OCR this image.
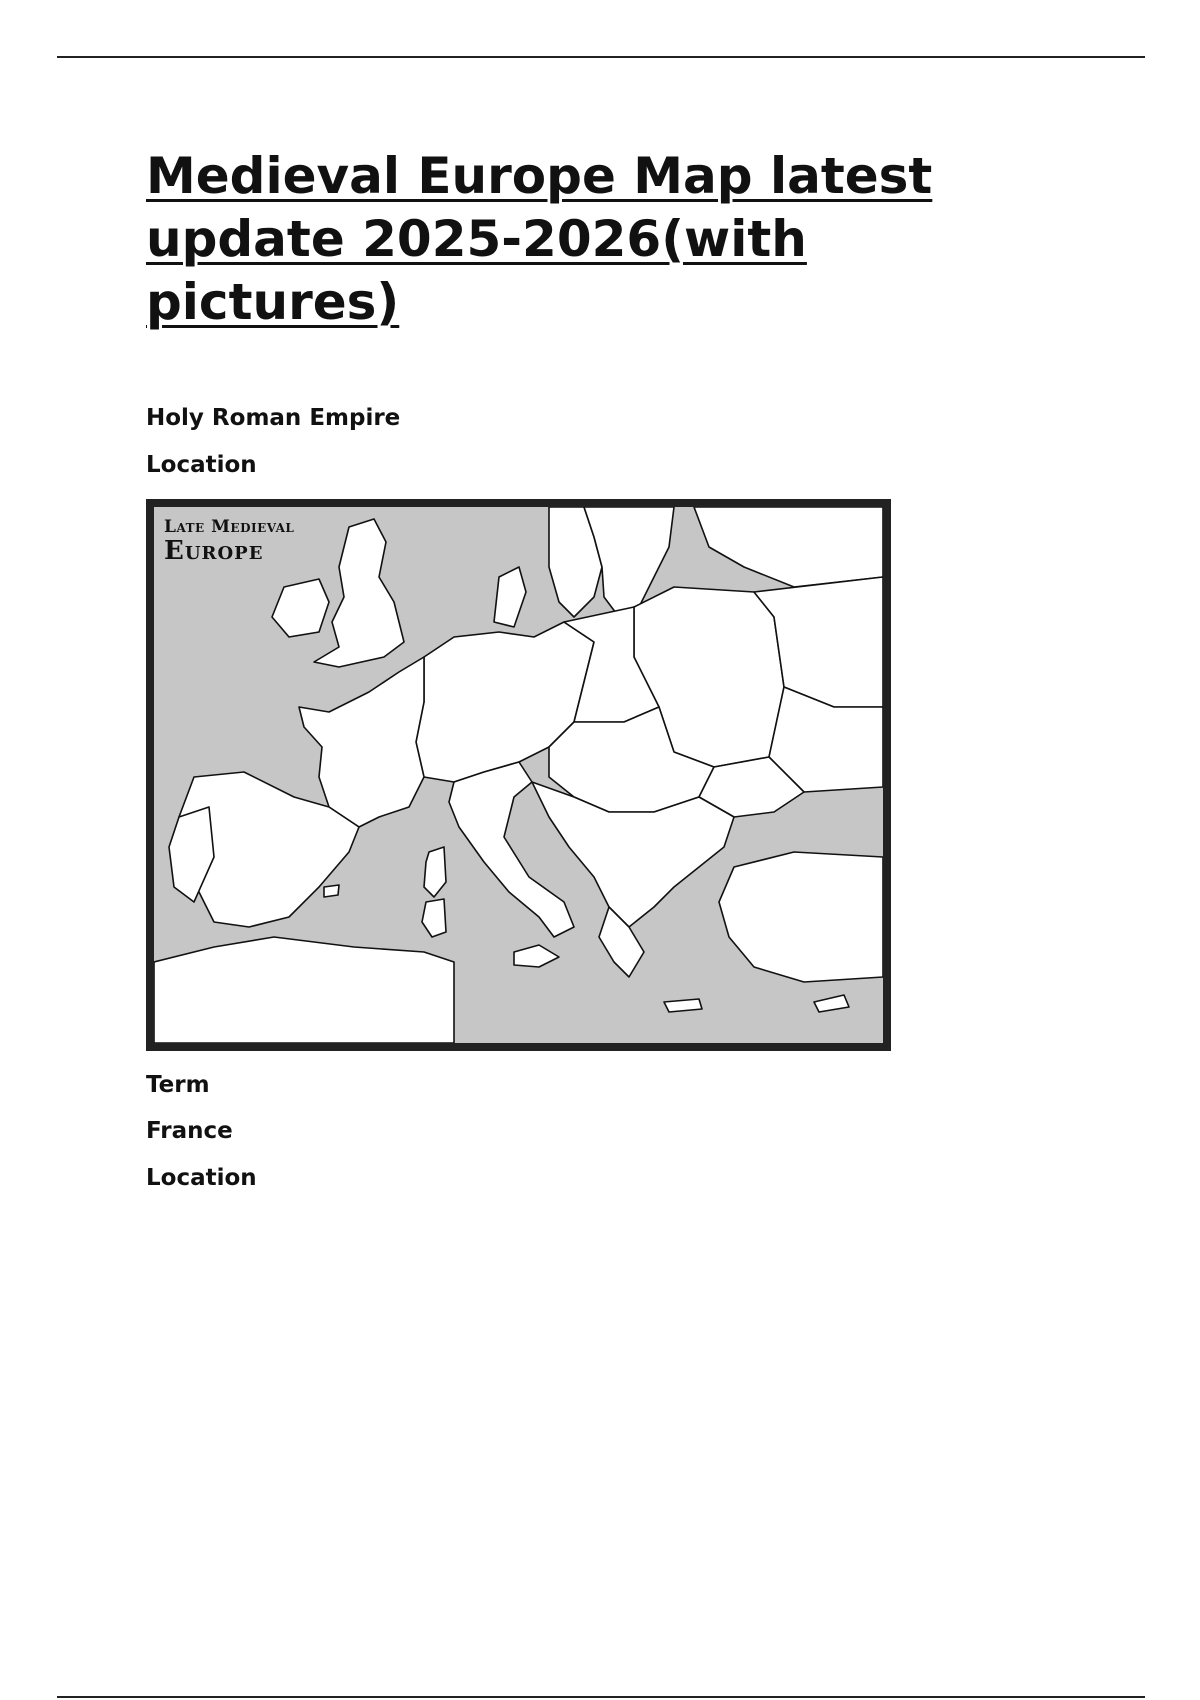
Medieval Europe Map latest update 2025-2026(with pictures)

Holy Roman Empire

Location

Late Medieval
Europe

Term

France

Location
